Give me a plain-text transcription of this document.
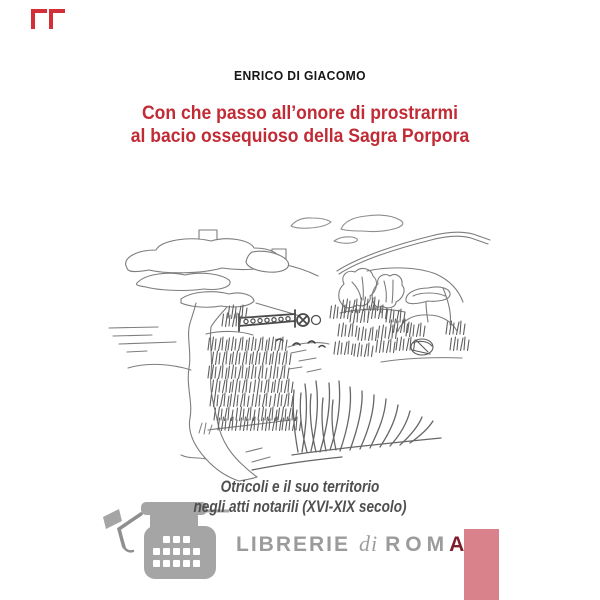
ENRICO DI GIACOMO
Con che passo all’onore di prostrarmi
al bacio ossequioso della Sagra Porpora
Otricoli e il suo territorio
negli atti notarili (XVI-XIX secolo)
LIBRERIE di ROM A
